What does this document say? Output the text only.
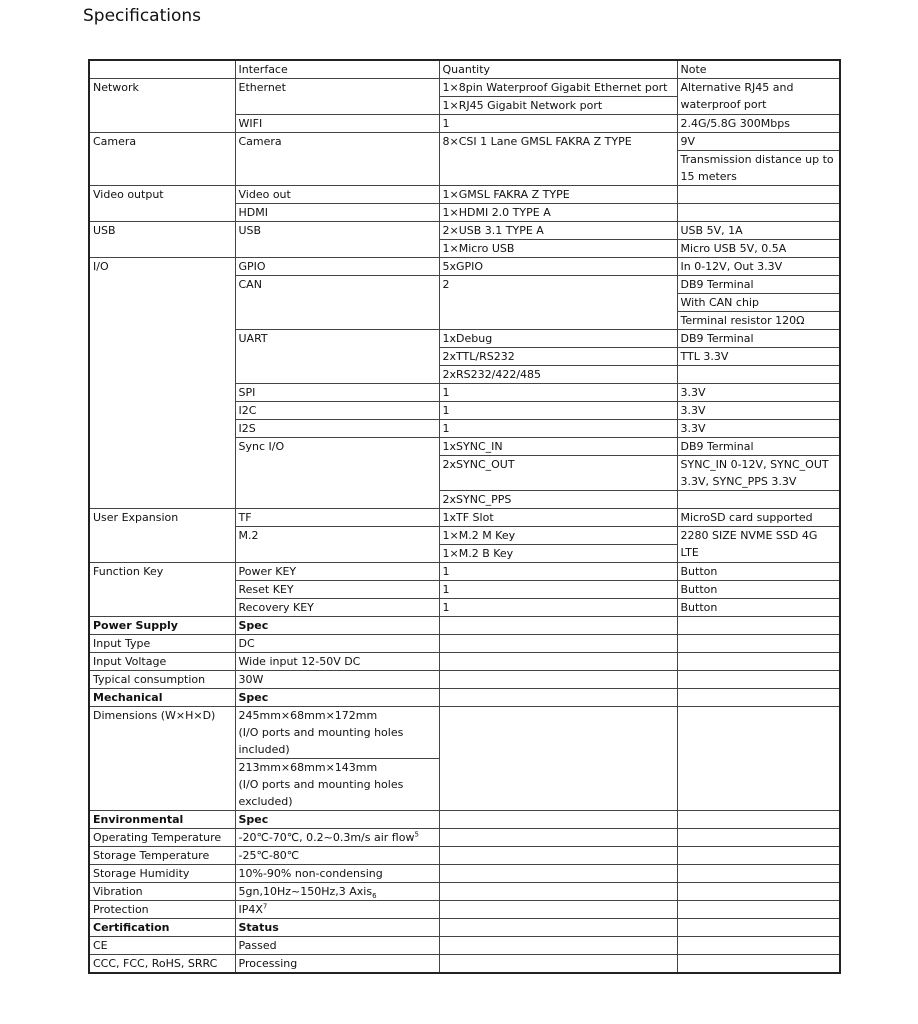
Specifications
	Interface	Quantity	Note
Network	Ethernet	1×8pin Waterproof Gigabit Ethernet port	Alternative RJ45 and waterproof port
		1×RJ45 Gigabit Network port	
	WIFI	1	2.4G/5.8G 300Mbps
Camera	Camera	8×CSI 1 Lane GMSL FAKRA Z TYPE	9V
			Transmission distance up to 15 meters
Video output	Video out	1×GMSL FAKRA Z TYPE	
	HDMI	1×HDMI 2.0 TYPE A	
USB	USB	2×USB 3.1 TYPE A	USB 5V, 1A
		1×Micro USB	Micro USB 5V, 0.5A
I/O	GPIO	5xGPIO	In 0-12V, Out 3.3V
	CAN	2	DB9 Terminal
			With CAN chip
			Terminal resistor 120Ω
	UART	1xDebug	DB9 Terminal
		2xTTL/RS232	TTL 3.3V
		2xRS232/422/485	
	SPI	1	3.3V
	I2C	1	3.3V
	I2S	1	3.3V
	Sync I/O	1xSYNC_IN	DB9 Terminal
		2xSYNC_OUT	SYNC_IN 0-12V, SYNC_OUT 3.3V, SYNC_PPS 3.3V

		2xSYNC_PPS	
User Expansion	TF	1xTF Slot	MicroSD card supported
	M.2	1×M.2 M Key	2280 SIZE NVME SSD 4G LTE

		1×M.2 B Key	
Function Key	Power KEY	1	Button
	Reset KEY	1	Button
	Recovery KEY	1	Button
Power Supply	Spec		
Input Type	DC		
Input Voltage	Wide input 12-50V DC		
Typical consumption	30W		
Mechanical	Spec		
Dimensions (W×H×D)	245mm×68mm×172mm
(I/O ports and mounting holes included)		

	213mm×68mm×143mm
(I/O ports and mounting holes excluded)		

Environmental	Spec		
Operating Temperature	-20℃-70℃, 0.2~0.3m/s air flow$^5$		
Storage Temperature	-25℃-80℃		
Storage Humidity	10%-90% non-condensing		
Vibration	5gn,10Hz~150Hz,3 Axis$_6$		
Protection	$IP4X^7$		
Certification	Status		
CE	Passed		
CCC, FCC, RoHS, SRRC	Processing		
